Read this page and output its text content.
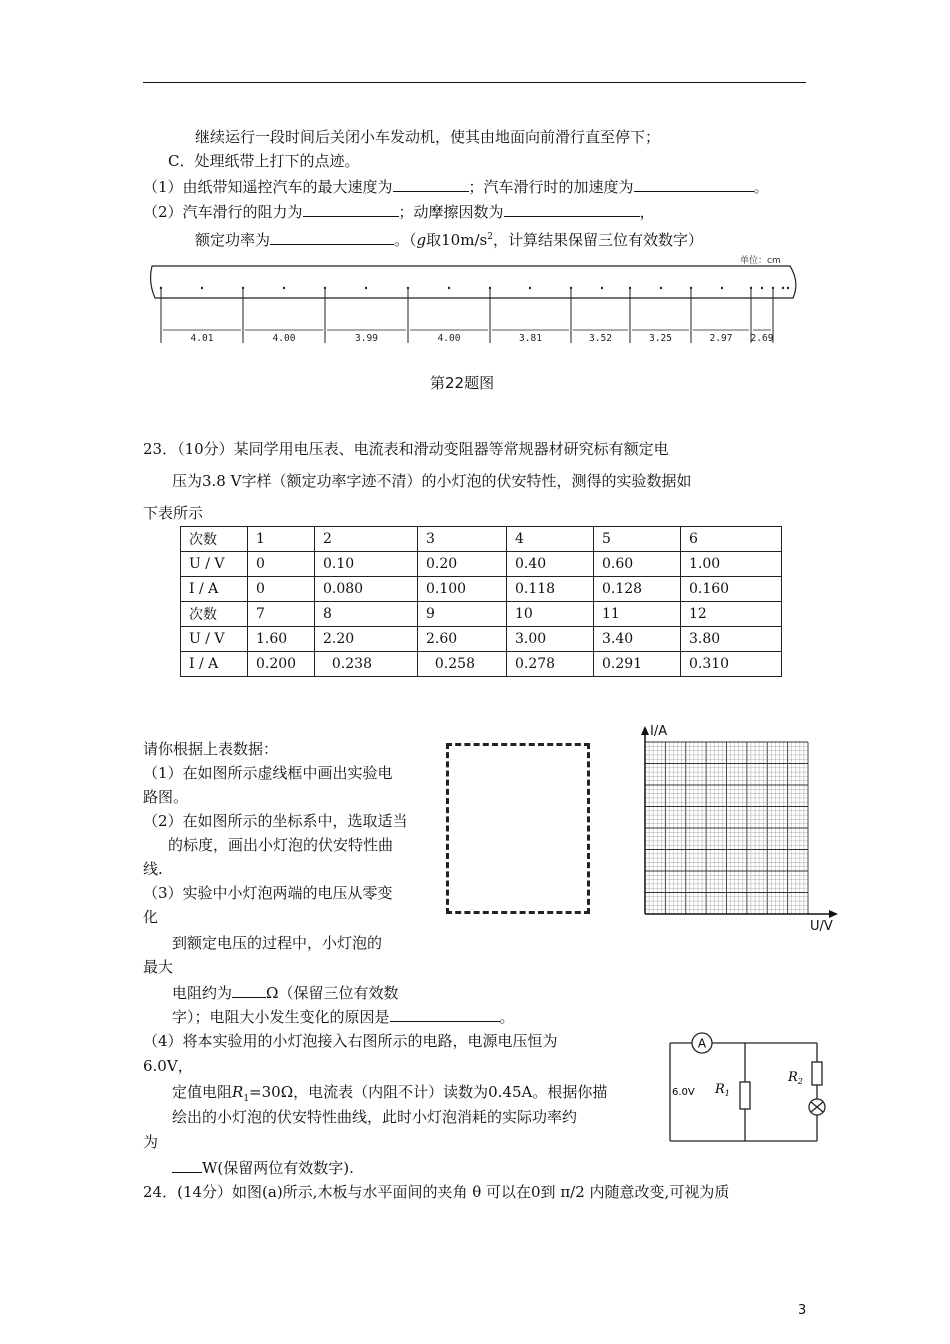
继续运行一段时间后关闭小车发动机，使其由地面向前滑行直至停下；
C．处理纸带上打下的点迹。
（1）由纸带知遥控汽车的最大速度为	；汽车滑行时的加速度为	。
（2）汽车滑行的阻力为	；动摩擦因数为	，
额定功率为	。（g取$10m/s^2$，计算结果保留三位有效数字）
单位：cm
4.01	4.00	3.99	4.00	3.81	3.52	3.25	2.97 2.69
第22题图
23．（10分）某同学用电压表、电流表和滑动变阻器等常规器材研究标有额定电
压为3.8 V字样（额定功率字迹不清）的小灯泡的伏安特性，测得的实验数据如
下表所示
次数	1	2	3	4	5	6
U / V	0	0.10	0.20	0.40	0.60	1.00
I / A	0	0.080	0.100	0.118	0.128	0.160
次数	7	8	9	10	11	12
U / V	1.60	2.20	2.60	3.00	3.40	3.80
I / A	0.200	0.238	0.258	0.278	0.291	0.310
请你根据上表数据：
（1）在如图所示虚线框中画出实验电
路图。
（2）在如图所示的坐标系中，选取适当
的标度，画出小灯泡的伏安特性曲
线.
（3）实验中小灯泡两端的电压从零变
化
到额定电压的过程中，小灯泡的
最大
电阻约为 Ω（保留三位有效数
字）；电阻大小发生变化的原因是	。
（4）将本实验用的小灯泡接入右图所示的电路，电源电压恒为
6.0V，
定值电阻$R_1=30\Omega$，电流表（内阻不计）读数为0.45A。根据你描
绘出的小灯泡的伏安特性曲线，此时小灯泡消耗的实际功率约
为
W(保留两位有效数字).
I/A
U/V
A
6.0V $R_1$
$R_2$
24．(14分）如图(a)所示,木板与水平面间的夹角 θ 可以在0到 π/2 内随意改变,可视为质
3
